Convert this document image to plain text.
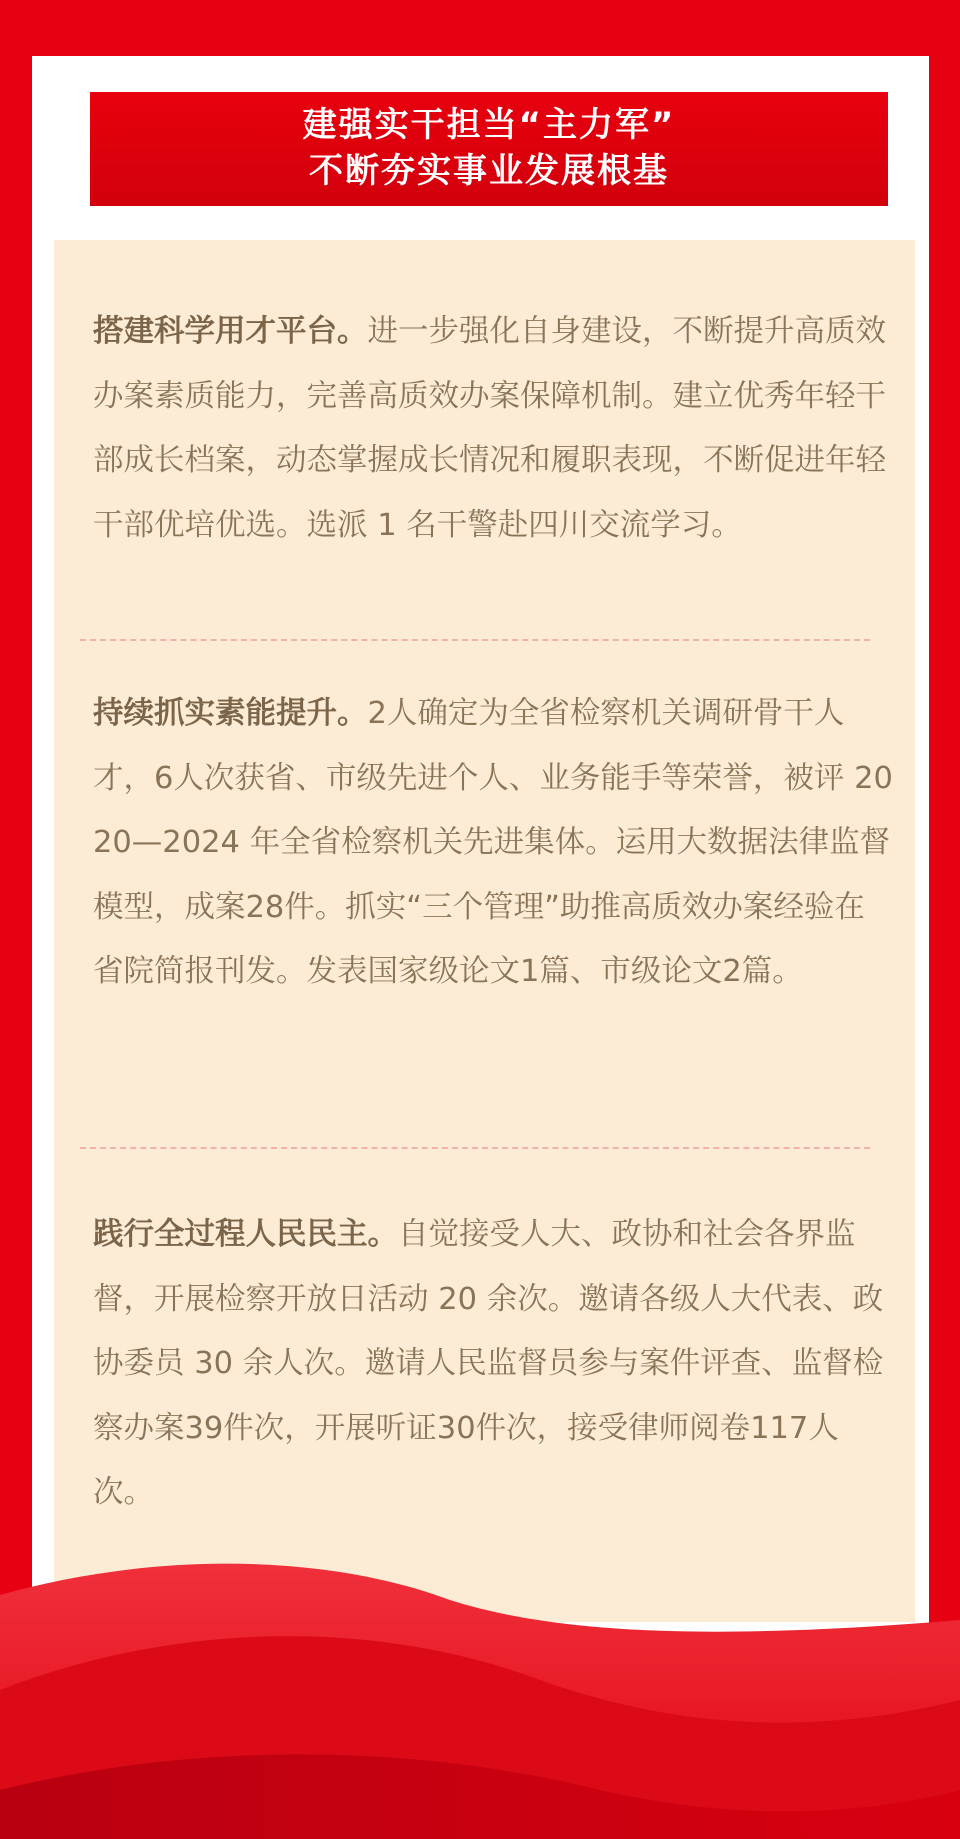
建强实干担当“主力军”
不断夯实事业发展根基

搭建科学用才平台。进一步强化自身建设，不断提升高质效办案素质能力，完善高质效办案保障机制。建立优秀年轻干部成长档案，动态掌握成长情况和履职表现，不断促进年轻干部优培优选。选派 1 名干警赴四川交流学习。

持续抓实素能提升。2人确定为全省检察机关调研骨干人才，6人次获省、市级先进个人、业务能手等荣誉，被评 2020—2024 年全省检察机关先进集体。运用大数据法律监督模型，成案28件。抓实“三个管理”助推高质效办案经验在省院简报刊发。发表国家级论文1篇、市级论文2篇。

践行全过程人民民主。自觉接受人大、政协和社会各界监督，开展检察开放日活动 20 余次。邀请各级人大代表、政协委员 30 余人次。邀请人民监督员参与案件评查、监督检察办案39件次，开展听证30件次，接受律师阅卷117人次。
